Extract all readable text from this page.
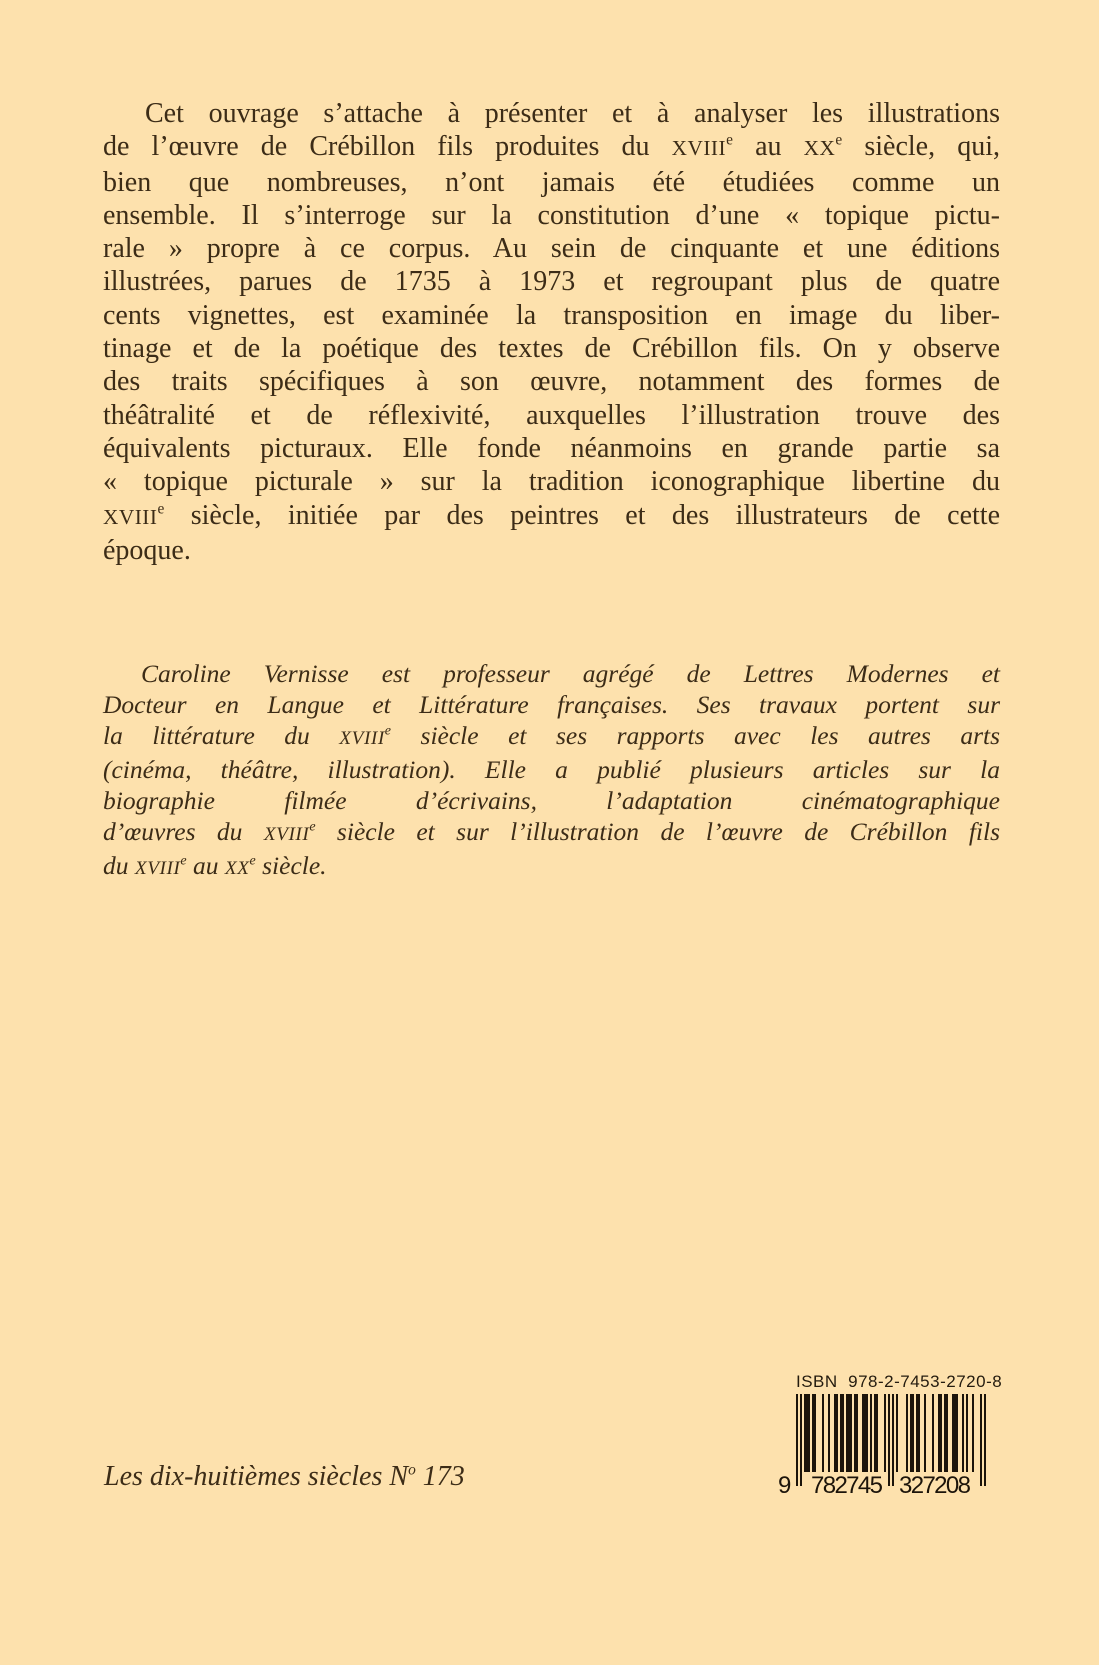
Cet ouvrage s’attache à présenter et à analyser les illustrations
de l’œuvre de Crébillon fils produites du XVIIIe au XXe siècle, qui,
bien que nombreuses, n’ont jamais été étudiées comme un
ensemble. Il s’interroge sur la constitution d’une « topique pictu-
rale » propre à ce corpus. Au sein de cinquante et une éditions
illustrées, parues de 1735 à 1973 et regroupant plus de quatre
cents vignettes, est examinée la transposition en image du liber-
tinage et de la poétique des textes de Crébillon fils. On y observe
des traits spécifiques à son œuvre, notamment des formes de
théâtralité et de réflexivité, auxquelles l’illustration trouve des
équivalents picturaux. Elle fonde néanmoins en grande partie sa
« topique picturale » sur la tradition iconographique libertine du
XVIIIe siècle, initiée par des peintres et des illustrateurs de cette
époque.
Caroline Vernisse est professeur agrégé de Lettres Modernes et
Docteur en Langue et Littérature françaises. Ses travaux portent sur
la littérature du XVIIIe siècle et ses rapports avec les autres arts
(cinéma, théâtre, illustration). Elle a publié plusieurs articles sur la
biographie filmée d’écrivains, l’adaptation cinématographique
d’œuvres du XVIIIe siècle et sur l’illustration de l’œuvre de Crébillon fils
du XVIIIe au XXe siècle.
Les dix-huitièmes siècles $N^o$ 173
ISBN  978-2-7453-2720-8
9 782745 327208
